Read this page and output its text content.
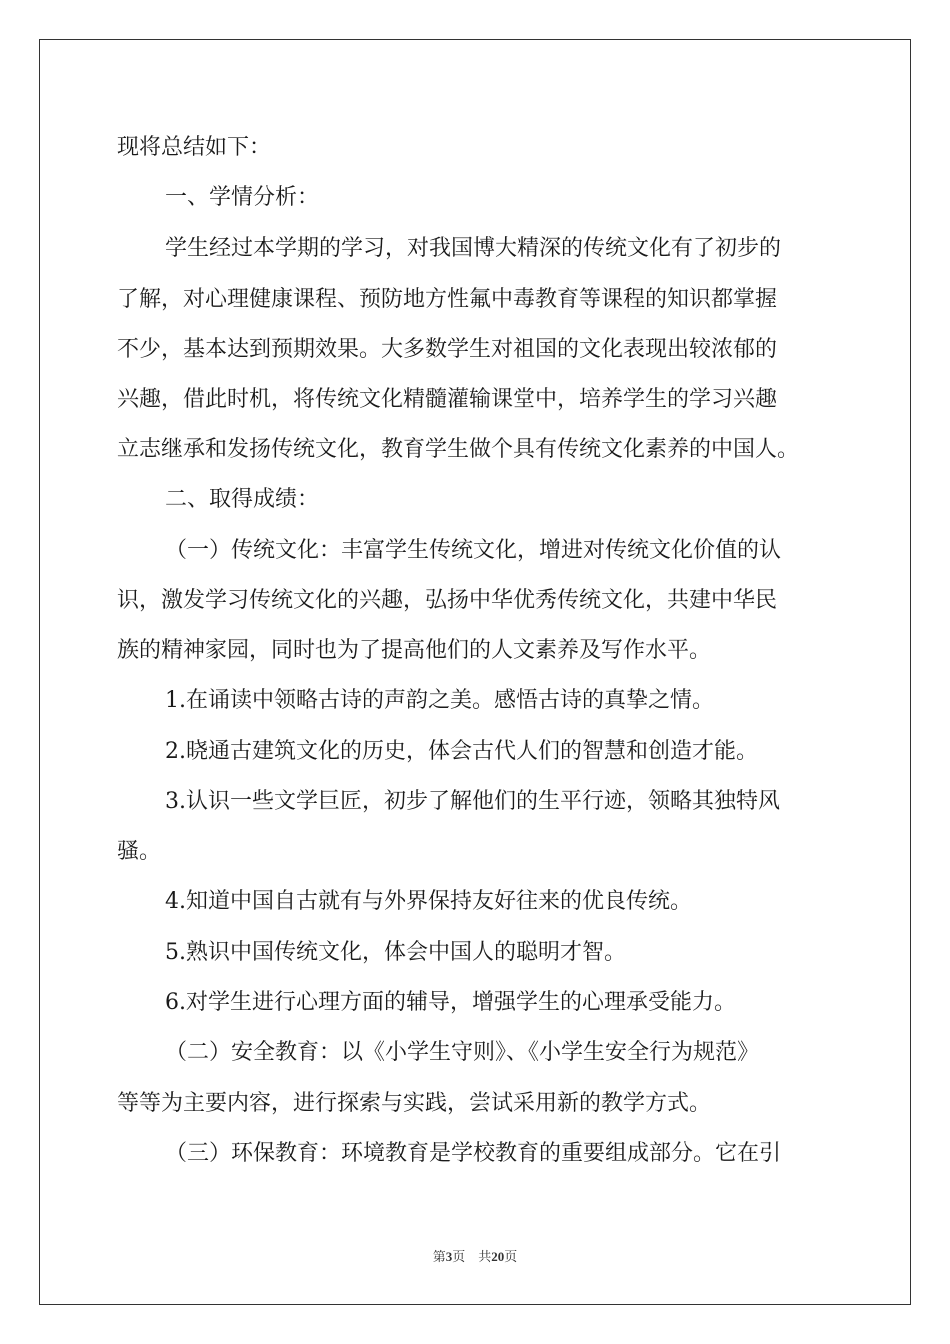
现将总结如下：
一、学情分析：
学生经过本学期的学习，对我国博大精深的传统文化有了初步的
了解，对心理健康课程、预防地方性氟中毒教育等课程的知识都掌握
不少，基本达到预期效果。大多数学生对祖国的文化表现出较浓郁的
兴趣，借此时机，将传统文化精髓灌输课堂中，培养学生的学习兴趣
立志继承和发扬传统文化，教育学生做个具有传统文化素养的中国人。
二、取得成绩：
（一）传统文化：丰富学生传统文化，增进对传统文化价值的认
识，激发学习传统文化的兴趣，弘扬中华优秀传统文化，共建中华民
族的精神家园，同时也为了提高他们的人文素养及写作水平。
1.在诵读中领略古诗的声韵之美。感悟古诗的真挚之情。
2.晓通古建筑文化的历史，体会古代人们的智慧和创造才能。
3.认识一些文学巨匠，初步了解他们的生平行迹，领略其独特风
骚。
4.知道中国自古就有与外界保持友好往来的优良传统。
5.熟识中国传统文化，体会中国人的聪明才智。
6.对学生进行心理方面的辅导，增强学生的心理承受能力。
（二）安全教育：以《小学生守则》、《小学生安全行为规范》
等等为主要内容，进行探索与实践，尝试采用新的教学方式。
（三）环保教育：环境教育是学校教育的重要组成部分。它在引
第3页　共20页
